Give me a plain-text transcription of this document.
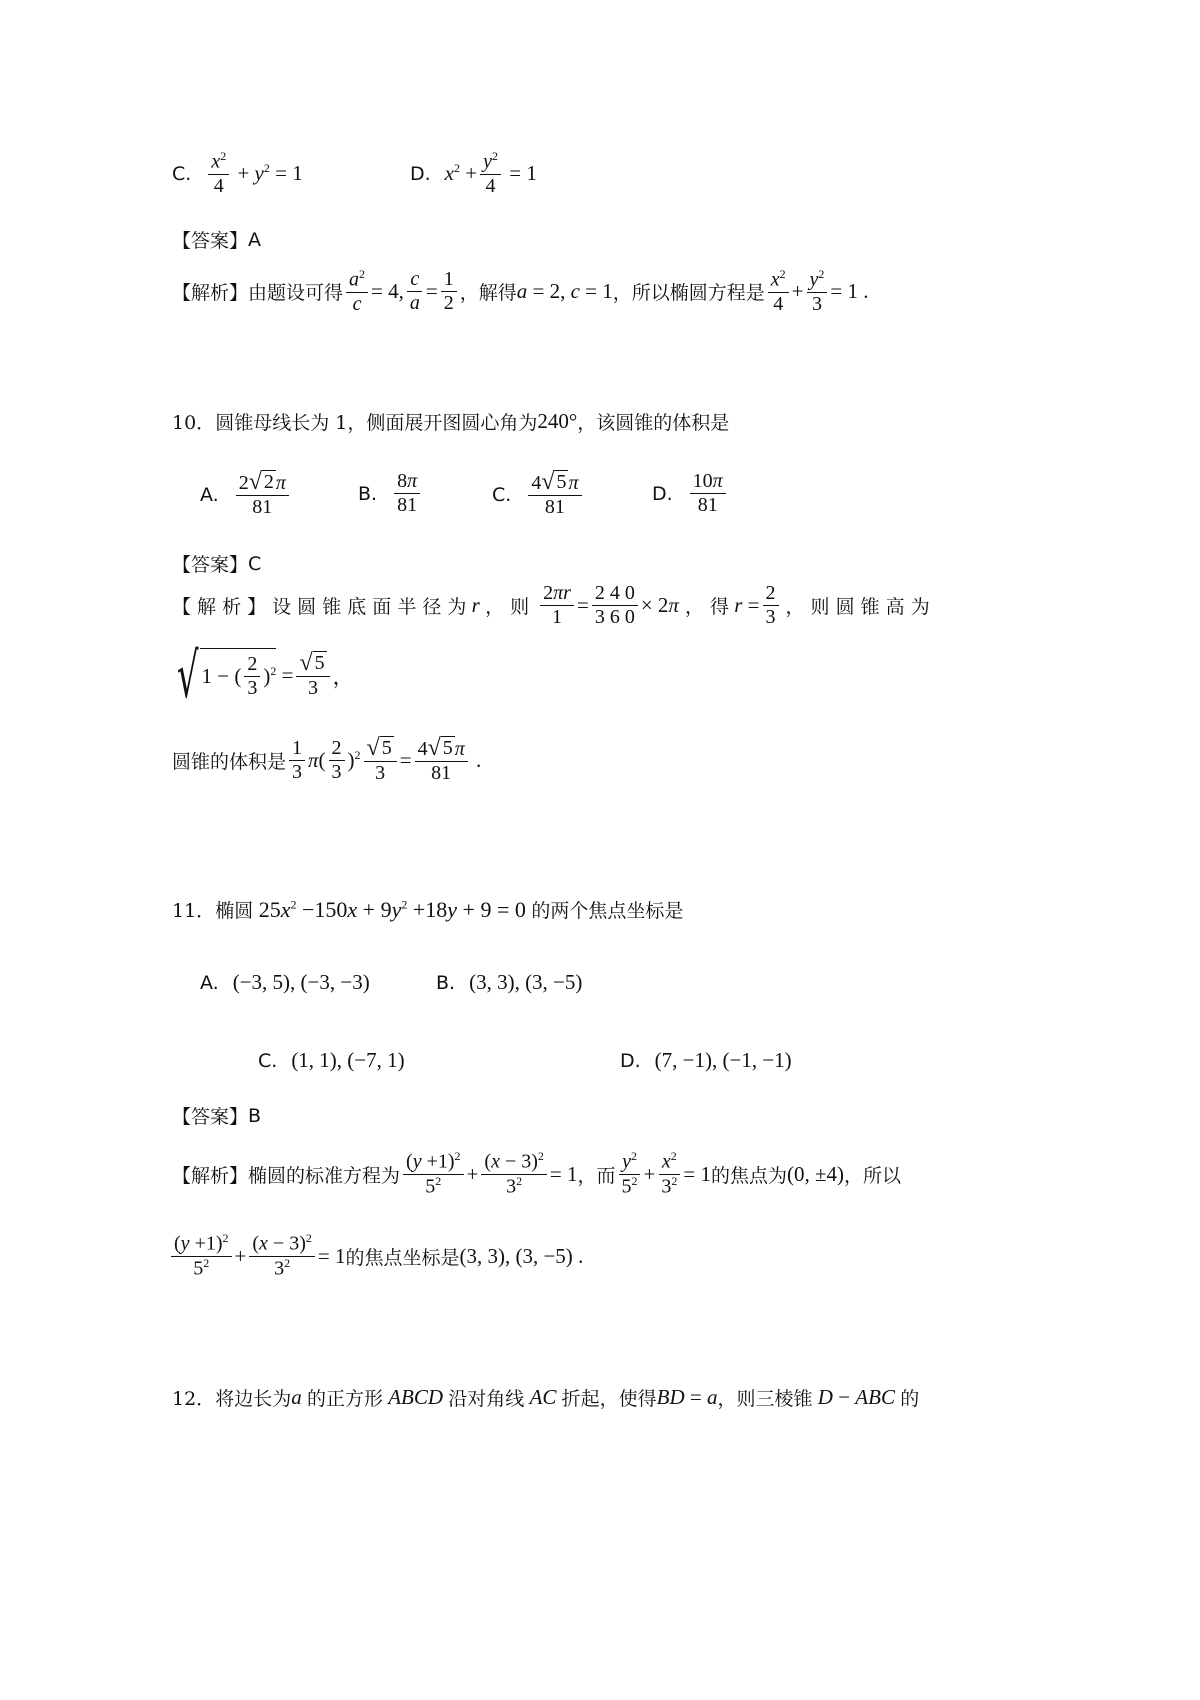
C. $\frac{x^2}{4} + y^2 = 1$	D. $x^2 + \frac{y^2}{4} = 1$
【答案】 A
【解析】 由题设可得 $\frac{a^2}{c} = 4$, $\frac{c}{a} = \frac{1}{2}$ ，解得 a = 2, c = 1 ，所以椭圆方程是 $\frac{x^2}{4} + \frac{y^2}{3} = 1$ .
10． 圆锥母线长为 1，侧面展开图圆心角为 240° ，该圆锥的体积是
A. $\frac{2 √ 2 \pi}{81}$	B. $\frac{8\pi}{81}$	C. $\frac{4 √ 5 \pi}{81}$	D. $\frac{10\pi}{81}$
【答案】 C
【 解 析 】 设 圆 锥 底 面 半 径 为 r ， 则 $\frac{2\pi r}{1} = \frac{2 4 0}{3 6 0} \times 2\pi$ ， 得 $r = \frac{2}{3}$ ， 则 圆 锥 高 为
√ 1 − ( $\frac{2}{3} )^2 = \frac{√ 5}{3}$ ，
圆锥的体积是 $\frac{1}{3} \pi( \frac{2}{3} )^2 \frac{√ 5}{3} = \frac{4 √ 5 \pi}{81}$ .
11． 椭圆 $25x^2 -150x + 9y^2 +18y + 9 = 0$ 的两个焦点坐标是
A. (−3, 5), (−3, −3)	B. (3, 3), (3, −5)
C. (1, 1), (−7, 1)	D. (7, −1), (−1, −1)
【答案】 B
【解析】 椭圆的标准方程为 $\frac{(y +1)^2}{5^2} + \frac{(x - 3)^2}{3^2} = 1$ ，而 $\frac{y^2}{5^2} + \frac{x^2}{3^2} = 1$ 的焦点为 (0, ±4) ，所以
$\frac{(y +1)^2}{5^2} + \frac{(x - 3)^2}{3^2} = 1$ 的焦点坐标是 (3, 3), (3, −5) .
12． 将边长为 a 的正方形 ABCD 沿对角线 AC 折起，使得 BD = a ，则三棱锥 D − ABC 的
